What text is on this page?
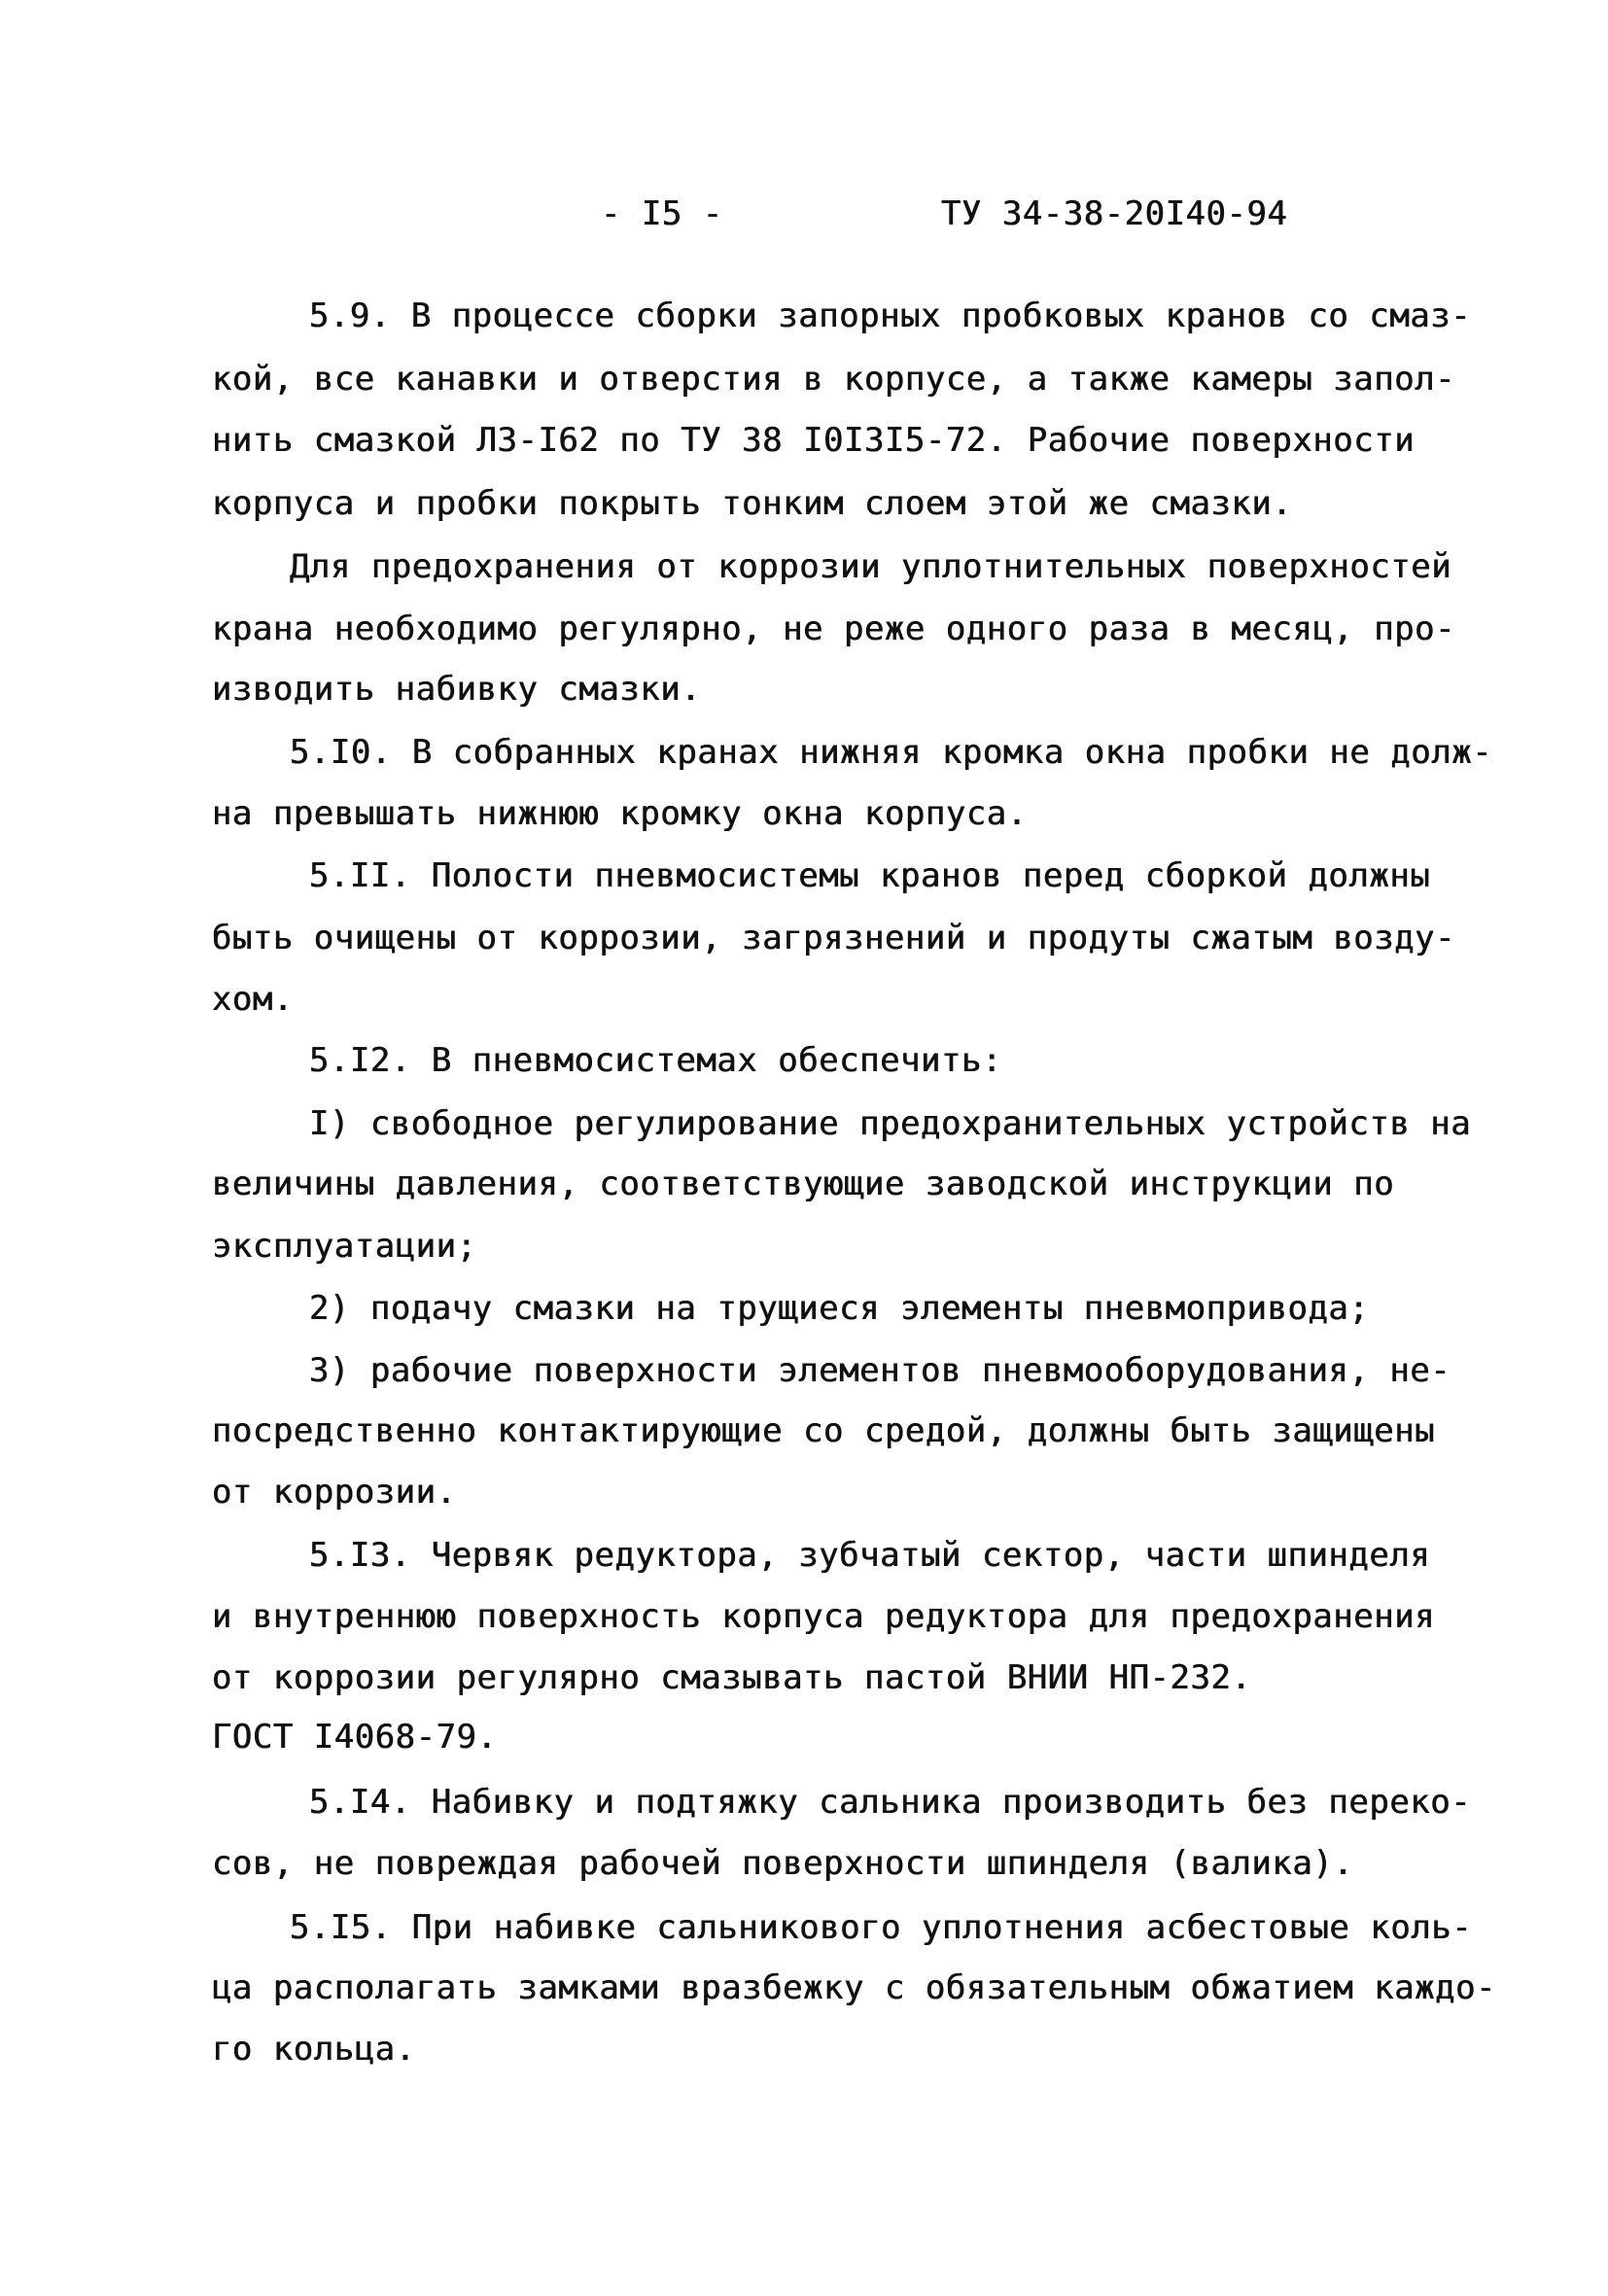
- I5 -	ТУ 34-38-20I40-94
5.9. В процессе сборки запорных пробковых кранов со смаз-
кой, все канавки и отверстия в корпусе, а также камеры запол-
нить смазкой ЛЗ-I62 по ТУ 38 I0I3I5-72. Рабочие поверхности
корпуса и пробки покрыть тонким слоем этой же смазки.
Для предохранения от коррозии уплотнительных поверхностей
крана необходимо регулярно, не реже одного раза в месяц, про-
изводить набивку смазки.
5.I0. В собранных кранах нижняя кромка окна пробки не долж-
на превышать нижнюю кромку окна корпуса.
5.II. Полости пневмосистемы кранов перед сборкой должны
быть очищены от коррозии, загрязнений и продуты сжатым возду-
хом.
5.I2. В пневмосистемах обеспечить:
I) свободное регулирование предохранительных устройств на
величины давления, соответствующие заводской инструкции по
эксплуатации;
2) подачу смазки на трущиеся элементы пневмопривода;
3) рабочие поверхности элементов пневмооборудования, не-
посредственно контактирующие со средой, должны быть защищены
от коррозии.
5.I3. Червяк редуктора, зубчатый сектор, части шпинделя
и внутреннюю поверхность корпуса редуктора для предохранения
от коррозии регулярно смазывать пастой ВНИИ НП-232.
ГОСТ I4068-79.
5.I4. Набивку и подтяжку сальника производить без переко-
сов, не повреждая рабочей поверхности шпинделя (валика).
5.I5. При набивке сальникового уплотнения асбестовые коль-
ца располагать замками вразбежку с обязательным обжатием каждо-
го кольца.
